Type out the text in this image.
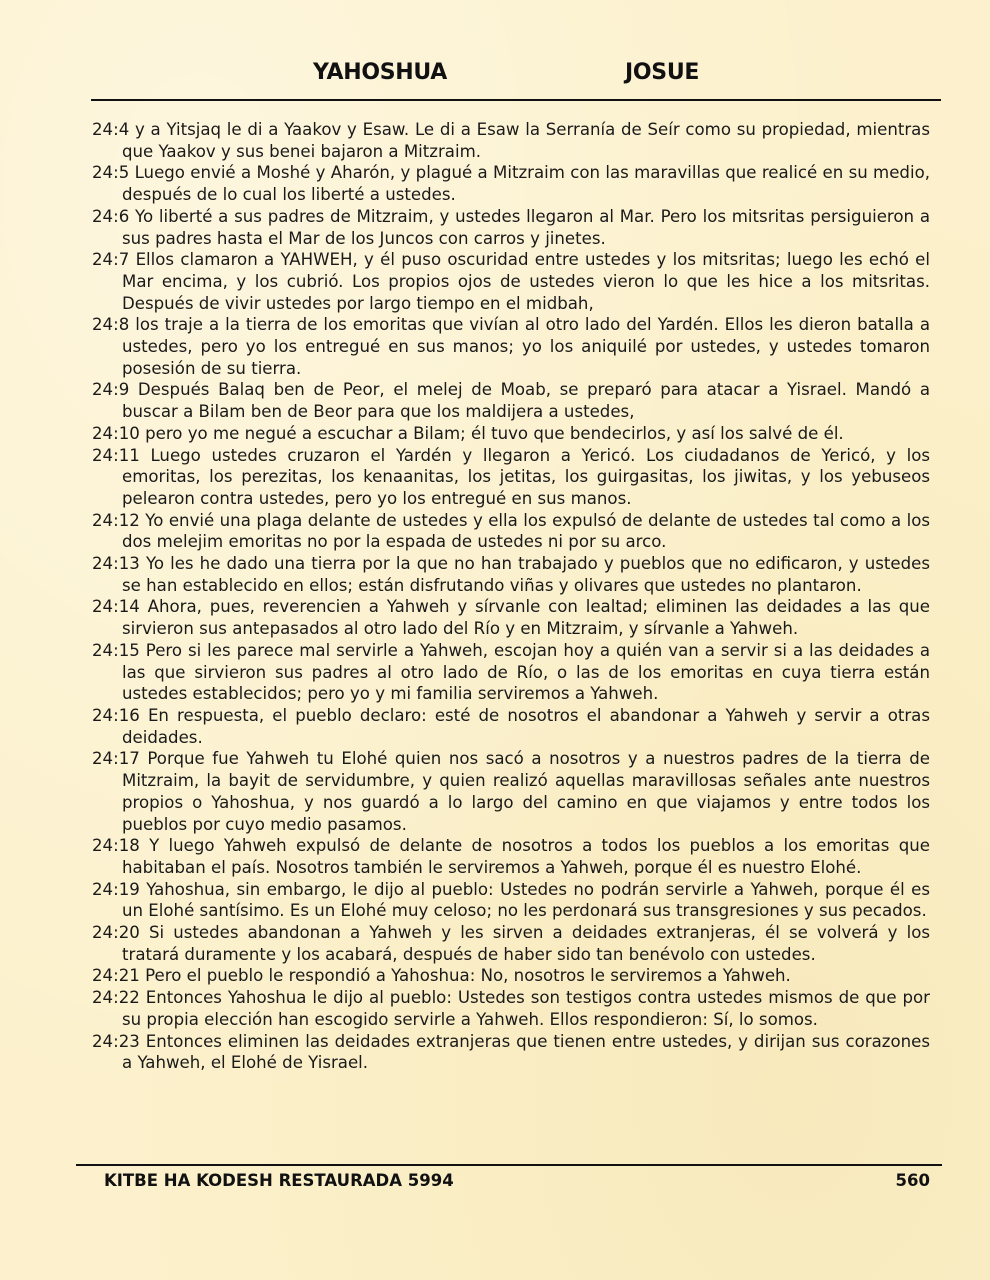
YAHOSHUA	JOSUE

24:4 y a Yitsjaq le di a Yaakov y Esaw. Le di a Esaw la Serranía de Seír como su propiedad, mientras que Yaakov y sus benei bajaron a Mitzraim.

24:5 Luego envié a Moshé y Aharón, y plagué a Mitzraim con las maravillas que realicé en su medio, después de lo cual los liberté a ustedes.

24:6 Yo liberté a sus padres de Mitzraim, y ustedes llegaron al Mar. Pero los mitsritas persiguieron a sus padres hasta el Mar de los Juncos con carros y jinetes.

24:7 Ellos clamaron a YAHWEH, y él puso oscuridad entre ustedes y los mitsritas; luego les echó el Mar encima, y los cubrió. Los propios ojos de ustedes vieron lo que les hice a los mitsritas. Después de vivir ustedes por largo tiempo en el midbah,

24:8 los traje a la tierra de los emoritas que vivían al otro lado del Yardén. Ellos les dieron batalla a ustedes, pero yo los entregué en sus manos; yo los aniquilé por ustedes, y ustedes tomaron posesión de su tierra.

24:9 Después Balaq ben de Peor, el melej de Moab, se preparó para atacar a Yisrael. Mandó a buscar a Bilam ben de Beor para que los maldijera a ustedes,

24:10 pero yo me negué a escuchar a Bilam; él tuvo que bendecirlos, y así los salvé de él.

24:11 Luego ustedes cruzaron el Yardén y llegaron a Yericó. Los ciudadanos de Yericó, y los emoritas, los perezitas, los kenaanitas, los jetitas, los guirgasitas, los jiwitas, y los yebuseos pelearon contra ustedes, pero yo los entregué en sus manos.

24:12 Yo envié una plaga delante de ustedes y ella los expulsó de delante de ustedes tal como a los dos melejim emoritas no por la espada de ustedes ni por su arco.

24:13 Yo les he dado una tierra por la que no han trabajado y pueblos que no edificaron, y ustedes se han establecido en ellos; están disfrutando viñas y olivares que ustedes no plantaron.

24:14 Ahora, pues, reverencien a Yahweh y sírvanle con lealtad; eliminen las deidades a las que sirvieron sus antepasados al otro lado del Río y en Mitzraim, y sírvanle a Yahweh.

24:15 Pero si les parece mal servirle a Yahweh, escojan hoy a quién van a servir si a las deidades a las que sirvieron sus padres al otro lado de Río, o las de los emoritas en cuya tierra están ustedes establecidos; pero yo y mi familia serviremos a Yahweh.

24:16 En respuesta, el pueblo declaro: esté de nosotros el abandonar a Yahweh y servir a otras deidades.

24:17 Porque fue Yahweh tu Elohé quien nos sacó a nosotros y a nuestros padres de la tierra de Mitzraim, la bayit de servidumbre, y quien realizó aquellas maravillosas señales ante nuestros propios o Yahoshua, y nos guardó a lo largo del camino en que viajamos y entre todos los pueblos por cuyo medio pasamos.

24:18 Y luego Yahweh expulsó de delante de nosotros a todos los pueblos a los emoritas que habitaban el país. Nosotros también le serviremos a Yahweh, porque él es nuestro Elohé.

24:19 Yahoshua, sin embargo, le dijo al pueblo: Ustedes no podrán servirle a Yahweh, porque él es un Elohé santísimo. Es un Elohé muy celoso; no les perdonará sus transgresiones y sus pecados.

24:20 Si ustedes abandonan a Yahweh y les sirven a deidades extranjeras, él se volverá y los tratará duramente y los acabará, después de haber sido tan benévolo con ustedes.

24:21 Pero el pueblo le respondió a Yahoshua: No, nosotros le serviremos a Yahweh.

24:22 Entonces Yahoshua le dijo al pueblo: Ustedes son testigos contra ustedes mismos de que por su propia elección han escogido servirle a Yahweh. Ellos respondieron: Sí, lo somos.

24:23 Entonces eliminen las deidades extranjeras que tienen entre ustedes, y dirijan sus corazones a Yahweh, el Elohé de Yisrael.

KITBE HA KODESH RESTAURADA 5994	560
